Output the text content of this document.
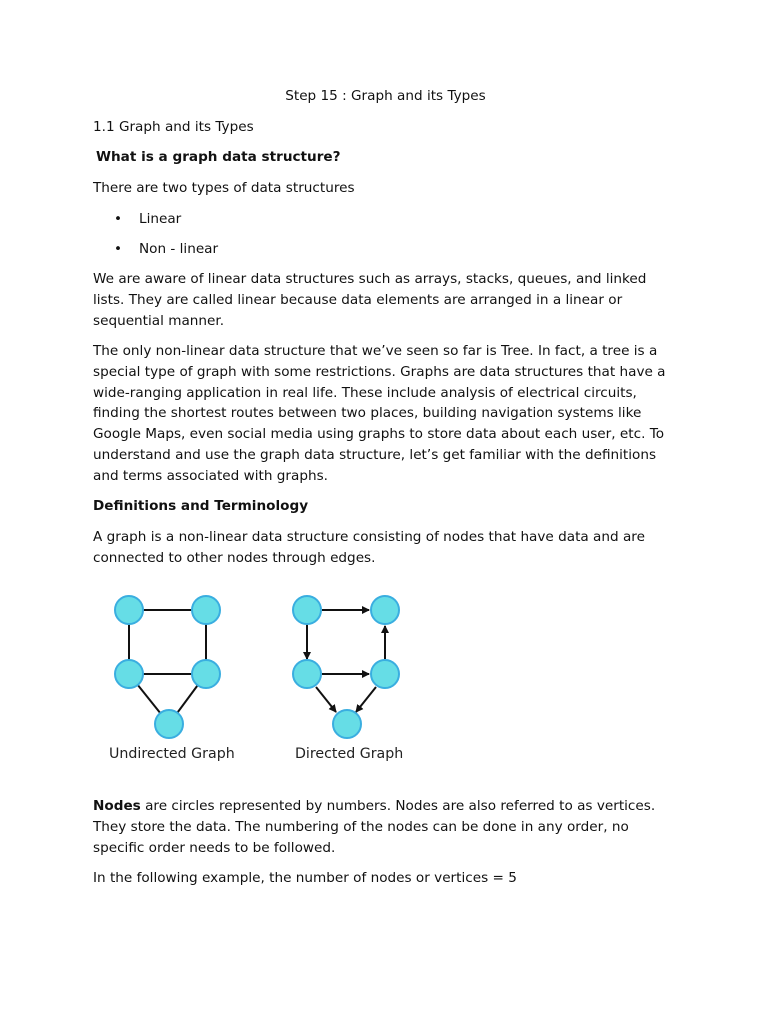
Step 15 : Graph and its Types
1.1 Graph and its Types
What is a graph data structure?
There are two types of data structures
• Linear
• Non - linear
We are aware of linear data structures such as arrays, stacks, queues, and linked lists. They are called linear because data elements are arranged in a linear or sequential manner.
The only non-linear data structure that we’ve seen so far is Tree. In fact, a tree is a special type of graph with some restrictions. Graphs are data structures that have a wide-ranging application in real life. These include analysis of electrical circuits, finding the shortest routes between two places, building navigation systems like Google Maps, even social media using graphs to store data about each user, etc. To understand and use the graph data structure, let’s get familiar with the definitions and terms associated with graphs.
Definitions and Terminology
A graph is a non-linear data structure consisting of nodes that have data and are connected to other nodes through edges.
Undirected Graph	Directed Graph
Nodes are circles represented by numbers. Nodes are also referred to as vertices. They store the data. The numbering of the nodes can be done in any order, no specific order needs to be followed.
In the following example, the number of nodes or vertices = 5
